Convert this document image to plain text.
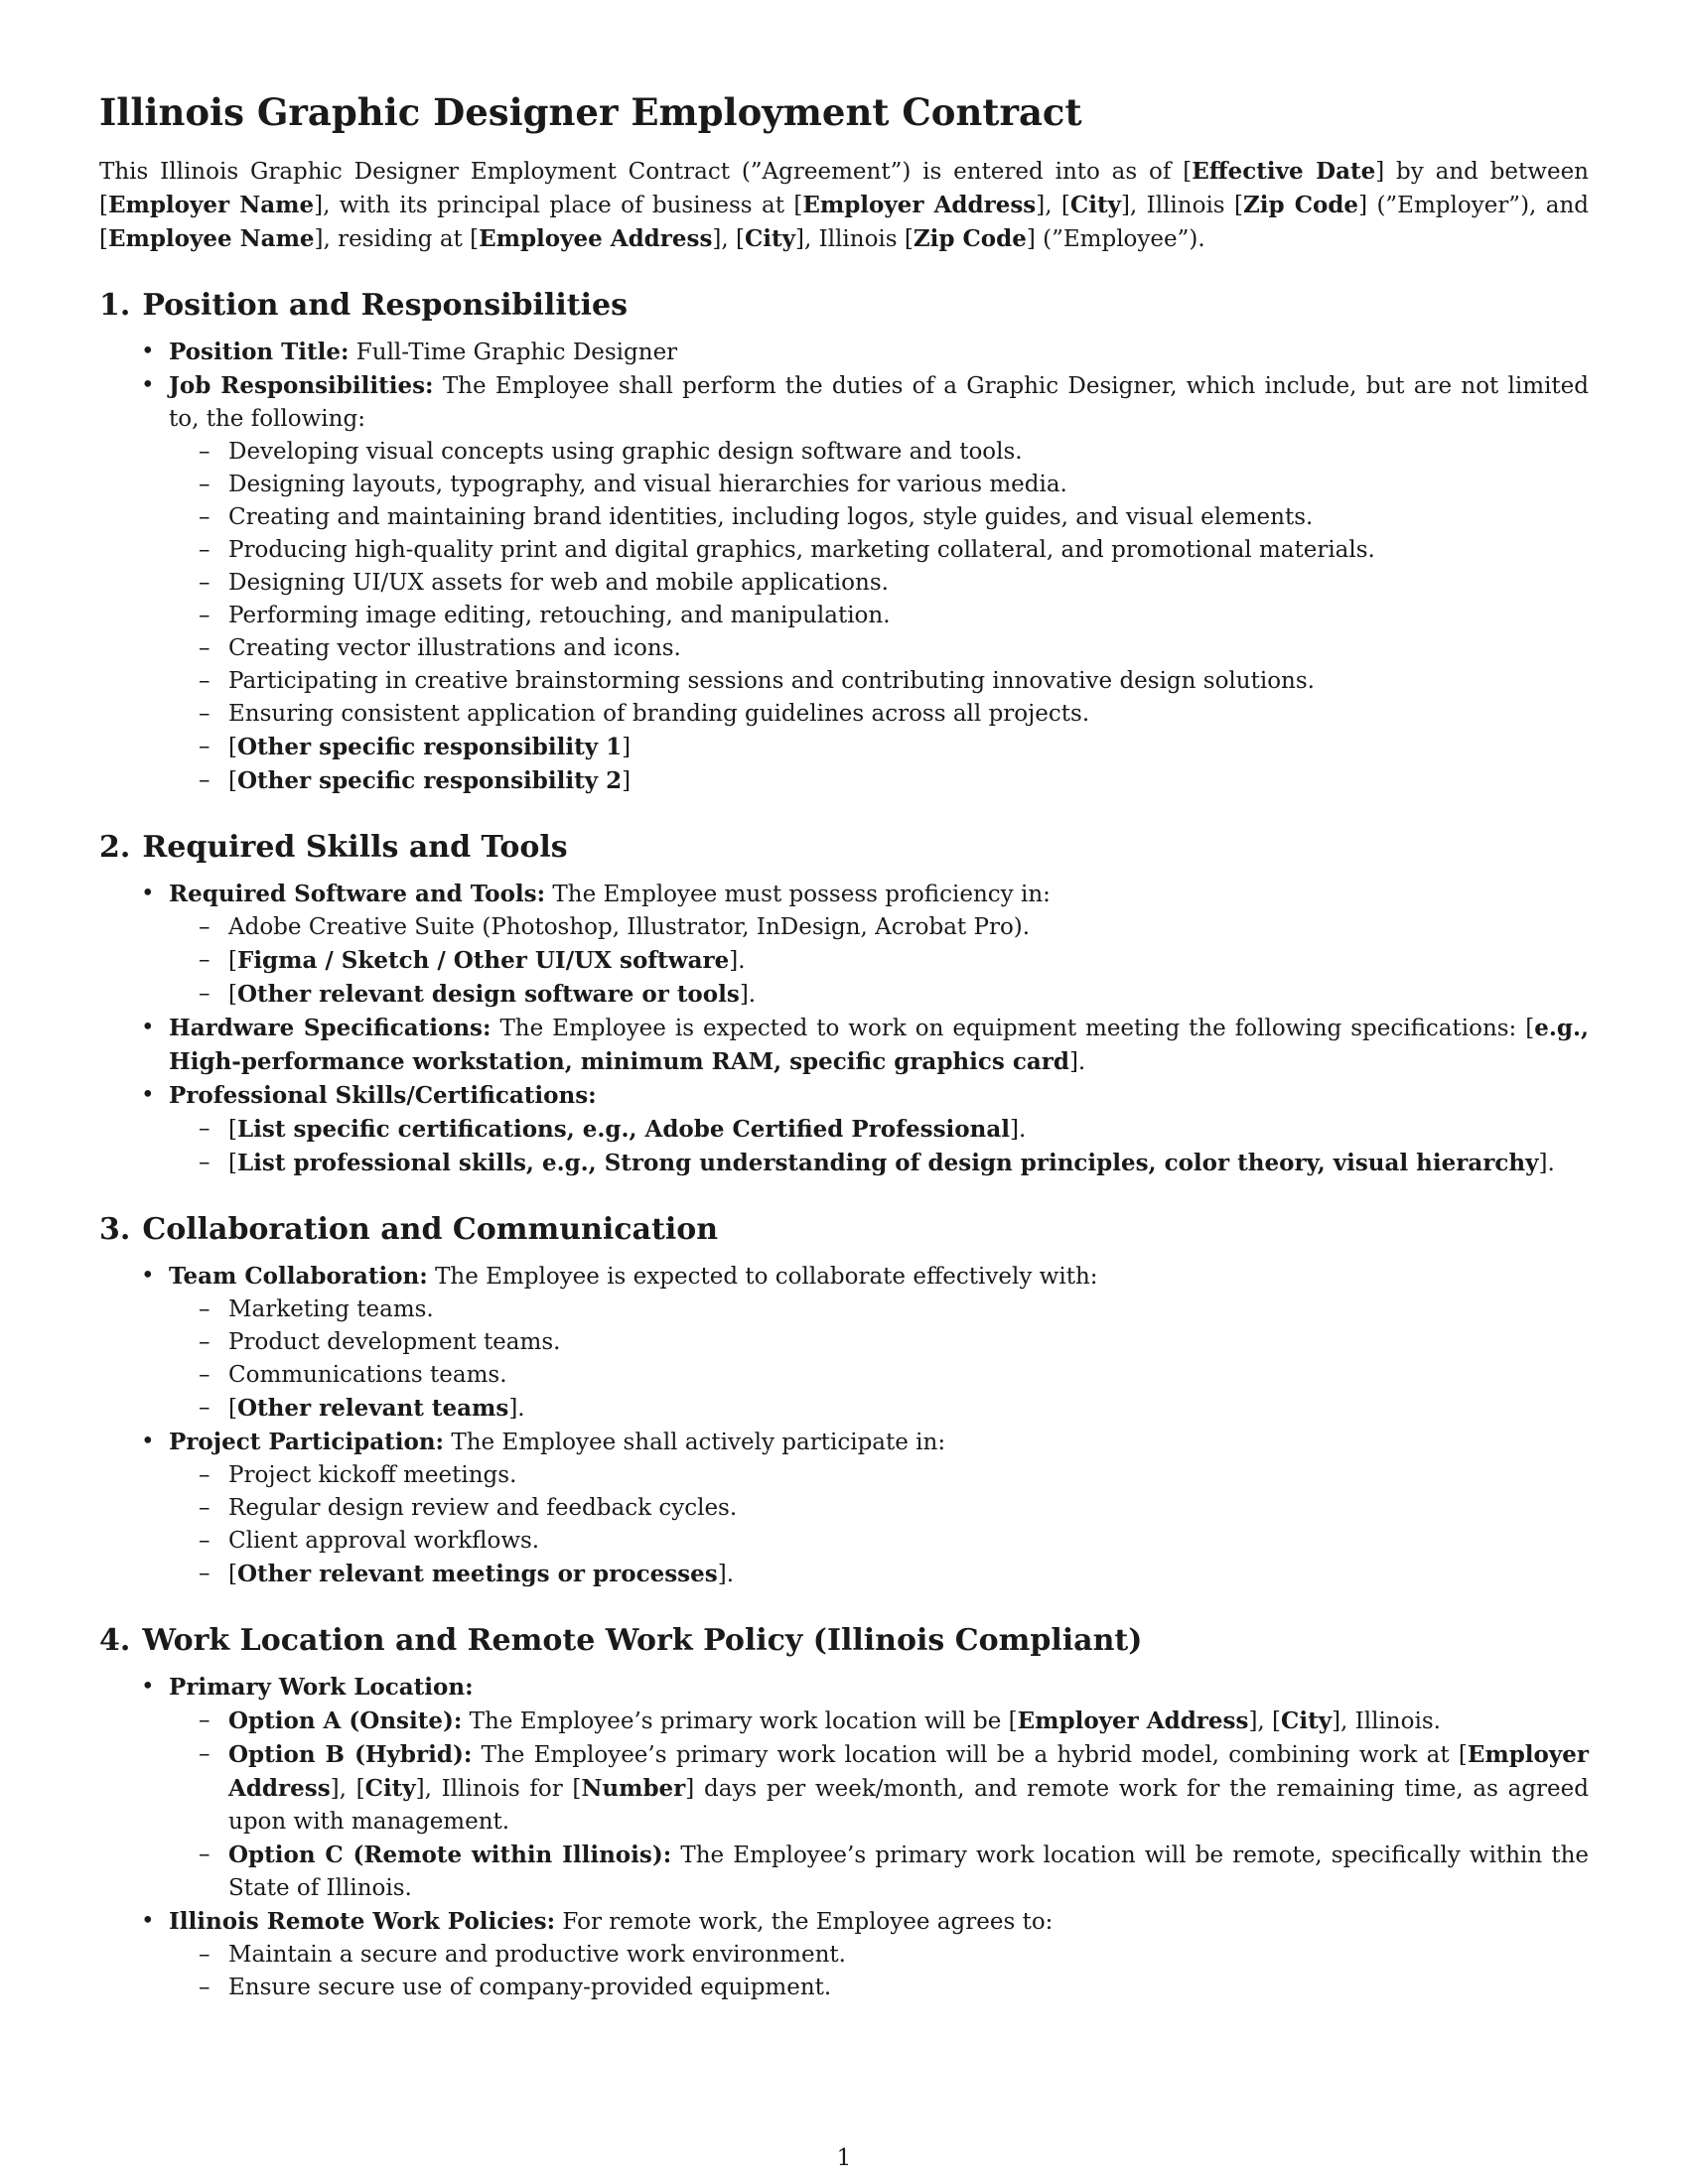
Illinois Graphic Designer Employment Contract

This Illinois Graphic Designer Employment Contract (”Agreement”) is entered into as of [Effective Date] by and between [Employer Name], with its principal place of business at [Employer Address], [City], Illinois [Zip Code] (”Employer”), and [Employee Name], residing at [Employee Address], [City], Illinois [Zip Code] (”Employee”).

1. Position and Responsibilities
• Position Title: Full-Time Graphic Designer
• Job Responsibilities: The Employee shall perform the duties of a Graphic Designer, which include, but are not limited to, the following:
– Developing visual concepts using graphic design software and tools.
– Designing layouts, typography, and visual hierarchies for various media.
– Creating and maintaining brand identities, including logos, style guides, and visual elements.
– Producing high-quality print and digital graphics, marketing collateral, and promotional materials.
– Designing UI/UX assets for web and mobile applications.
– Performing image editing, retouching, and manipulation.
– Creating vector illustrations and icons.
– Participating in creative brainstorming sessions and contributing innovative design solutions.
– Ensuring consistent application of branding guidelines across all projects.
– [Other specific responsibility 1]
– [Other specific responsibility 2]
2. Required Skills and Tools
• Required Software and Tools: The Employee must possess proficiency in:
– Adobe Creative Suite (Photoshop, Illustrator, InDesign, Acrobat Pro).
– [Figma / Sketch / Other UI/UX software].
– [Other relevant design software or tools].
• Hardware Specifications: The Employee is expected to work on equipment meeting the following specifications: [e.g., High-performance workstation, minimum RAM, specific graphics card].
• Professional Skills/Certifications:
– [List specific certifications, e.g., Adobe Certified Professional].
– [List professional skills, e.g., Strong understanding of design principles, color theory, visual hierarchy].
3. Collaboration and Communication
• Team Collaboration: The Employee is expected to collaborate effectively with:
– Marketing teams.
– Product development teams.
– Communications teams.
– [Other relevant teams].
• Project Participation: The Employee shall actively participate in:
– Project kickoff meetings.
– Regular design review and feedback cycles.
– Client approval workflows.
– [Other relevant meetings or processes].
4. Work Location and Remote Work Policy (Illinois Compliant)
• Primary Work Location:
– Option A (Onsite): The Employee’s primary work location will be [Employer Address], [City], Illinois.
– Option B (Hybrid): The Employee’s primary work location will be a hybrid model, combining work at [Employer Address], [City], Illinois for [Number] days per week/month, and remote work for the remaining time, as agreed upon with management.
– Option C (Remote within Illinois): The Employee’s primary work location will be remote, specifically within the State of Illinois.
• Illinois Remote Work Policies: For remote work, the Employee agrees to:
– Maintain a secure and productive work environment.
– Ensure secure use of company-provided equipment.
1
